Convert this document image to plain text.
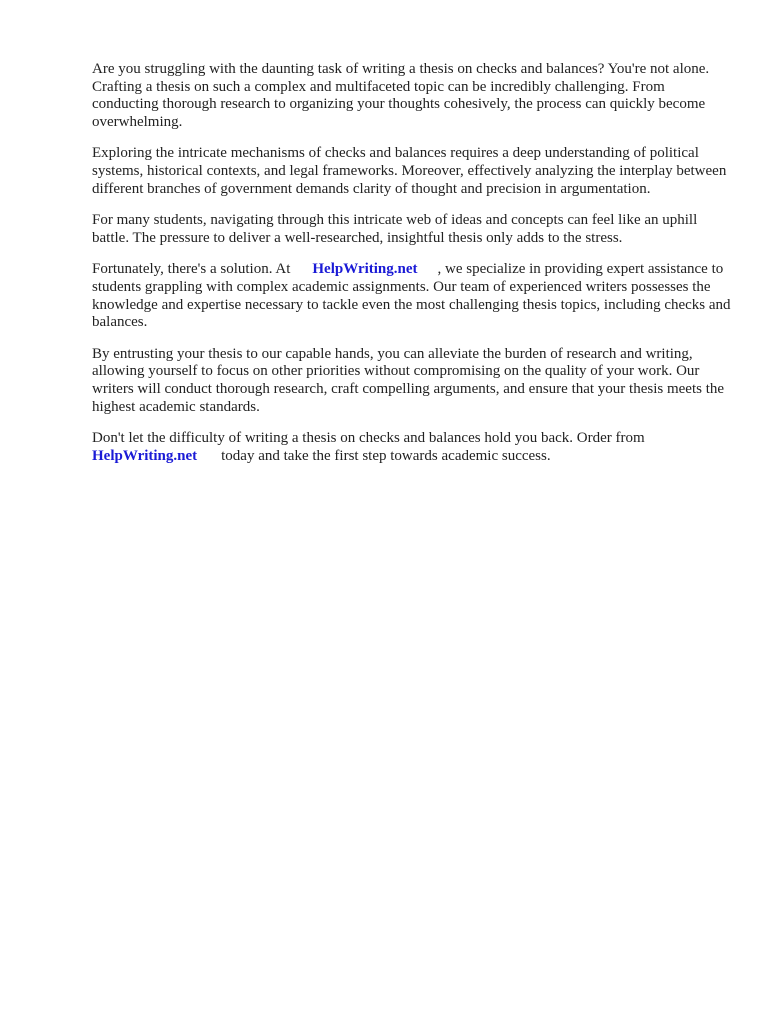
Are you struggling with the daunting task of writing a thesis on checks and balances? You're not alone. Crafting a thesis on such a complex and multifaceted topic can be incredibly challenging. From conducting thorough research to organizing your thoughts cohesively, the process can quickly become overwhelming.

Exploring the intricate mechanisms of checks and balances requires a deep understanding of political systems, historical contexts, and legal frameworks. Moreover, effectively analyzing the interplay between different branches of government demands clarity of thought and precision in argumentation.

For many students, navigating through this intricate web of ideas and concepts can feel like an uphill battle. The pressure to deliver a well-researched, insightful thesis only adds to the stress.

Fortunately, there's a solution. At HelpWriting.net , we specialize in providing expert assistance to students grappling with complex academic assignments. Our team of experienced writers possesses the knowledge and expertise necessary to tackle even the most challenging thesis topics, including checks and balances.

By entrusting your thesis to our capable hands, you can alleviate the burden of research and writing, allowing yourself to focus on other priorities without compromising on the quality of your work. Our writers will conduct thorough research, craft compelling arguments, and ensure that your thesis meets the highest academic standards.

Don't let the difficulty of writing a thesis on checks and balances hold you back. Order from
HelpWriting.net today and take the first step towards academic success.
